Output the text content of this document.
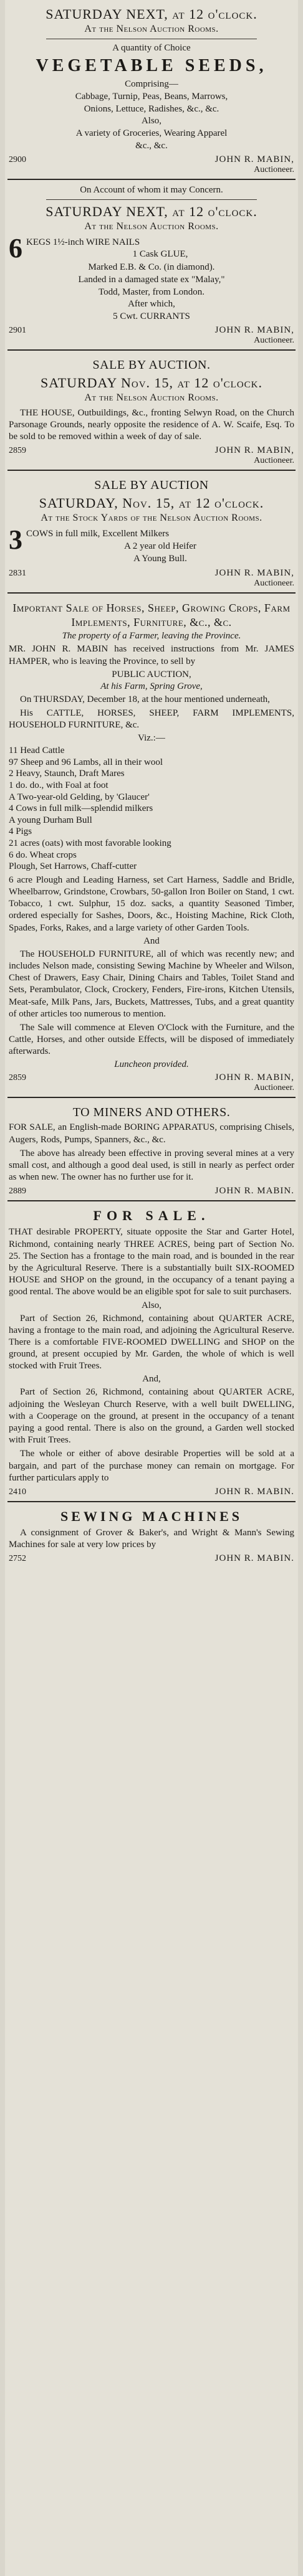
SATURDAY NEXT, at 12 o'clock.
At the Nelson Auction Rooms.
A quantity of Choice
VEGETABLE SEEDS,

Comprising—

Cabbage, Turnip, Peas, Beans, Marrows,

Onions, Lettuce, Radishes, &c., &c.

Also,

A variety of Groceries, Wearing Apparel

&c., &c.

2900	JOHN R. MABIN,
Auctioneer.
On Account of whom it may Concern.
SATURDAY NEXT, at 12 o'clock.
At the Nelson Auction Rooms.
6 KEGS 1½-inch WIRE NAILS

1 Cask GLUE,

Marked E.B. & Co. (in diamond).

Landed in a damaged state ex "Malay,"

Todd, Master, from London.

After which,

5 Cwt. CURRANTS

2901	JOHN R. MABIN,
Auctioneer.
SALE BY AUCTION.
SATURDAY Nov. 15, at 12 o'clock.
At the Nelson Auction Rooms.

THE HOUSE, Outbuildings, &c., fronting Selwyn Road, on the Church Parsonage Grounds, nearly opposite the residence of A. W. Scaife, Esq. To be sold to be removed within a week of day of sale.

2859	JOHN R. MABIN,
Auctioneer.
SALE BY AUCTION
SATURDAY, Nov. 15, at 12 o'clock.
At the Stock Yards of the Nelson Auction Rooms.
3 COWS in full milk, Excellent Milkers

A 2 year old Heifer

A Young Bull.

2831	JOHN R. MABIN,
Auctioneer.
Important Sale of Horses, Sheep, Growing Crops, Farm Implements, Furniture, &c., &c.
The property of a Farmer, leaving the Province.

MR. JOHN R. MABIN has received instructions from Mr. JAMES HAMPER, who is leaving the Province, to sell by

PUBLIC AUCTION,
At his Farm, Spring Grove,

On THURSDAY, December 18, at the hour mentioned underneath,

His CATTLE, HORSES, SHEEP, FARM IMPLEMENTS, HOUSEHOLD FURNITURE, &c.

Viz.:—

11 Head Cattle

97 Sheep and 96 Lambs, all in their wool

2 Heavy, Staunch, Draft Mares

1 do. do., with Foal at foot

A Two-year-old Gelding, by 'Glaucer'

4 Cows in full milk—splendid milkers

A young Durham Bull

4 Pigs

21 acres (oats) with most favorable looking

6 do. Wheat crops

Plough, Set Harrows, Chaff-cutter

6 acre Plough and Leading Harness, set Cart Harness, Saddle and Bridle, Wheelbarrow, Grindstone, Crowbars, 50-gallon Iron Boiler on Stand, 1 cwt. Tobacco, 1 cwt. Sulphur, 15 doz. sacks, a quantity Seasoned Timber, ordered especially for Sashes, Doors, &c., Hoisting Machine, Rick Cloth, Spades, Forks, Rakes, and a large variety of other Garden Tools.

And

The HOUSEHOLD FURNITURE, all of which was recently new; and includes Nelson made, consisting Sewing Machine by Wheeler and Wilson, Chest of Drawers, Easy Chair, Dining Chairs and Tables, Toilet Stand and Sets, Perambulator, Clock, Crockery, Fenders, Fire-irons, Kitchen Utensils, Meat-safe, Milk Pans, Jars, Buckets, Mattresses, Tubs, and a great quantity of other articles too numerous to mention.

The Sale will commence at Eleven O'Clock with the Furniture, and the Cattle, Horses, and other outside Effects, will be disposed of immediately afterwards.

Luncheon provided.
2859	JOHN R. MABIN,
Auctioneer.
TO MINERS AND OTHERS.

FOR SALE, an English-made BORING APPARATUS, comprising Chisels, Augers, Rods, Pumps, Spanners, &c., &c.

The above has already been effective in proving several mines at a very small cost, and although a good deal used, is still in nearly as perfect order as when new. The owner has no further use for it.

2889	JOHN R. MABIN.
FOR SALE.

THAT desirable PROPERTY, situate opposite the Star and Garter Hotel, Richmond, containing nearly THREE ACRES, being part of Section No. 25. The Section has a frontage to the main road, and is bounded in the rear by the Agricultural Reserve. There is a substantially built SIX-ROOMED HOUSE and SHOP on the ground, in the occupancy of a tenant paying a good rental. The above would be an eligible spot for sale to suit purchasers.

Also,

Part of Section 26, Richmond, containing about QUARTER ACRE, having a frontage to the main road, and adjoining the Agricultural Reserve. There is a comfortable FIVE-ROOMED DWELLING and SHOP on the ground, at present occupied by Mr. Garden, the whole of which is well stocked with Fruit Trees.

And,

Part of Section 26, Richmond, containing about QUARTER ACRE, adjoining the Wesleyan Church Reserve, with a well built DWELLING, with a Cooperage on the ground, at present in the occupancy of a tenant paying a good rental. There is also on the ground, a Garden well stocked with Fruit Trees.

The whole or either of above desirable Properties will be sold at a bargain, and part of the purchase money can remain on mortgage. For further particulars apply to

2410	JOHN R. MABIN.
SEWING MACHINES

A consignment of Grover & Baker's, and Wright & Mann's Sewing Machines for sale at very low prices by

2752	JOHN R. MABIN.
